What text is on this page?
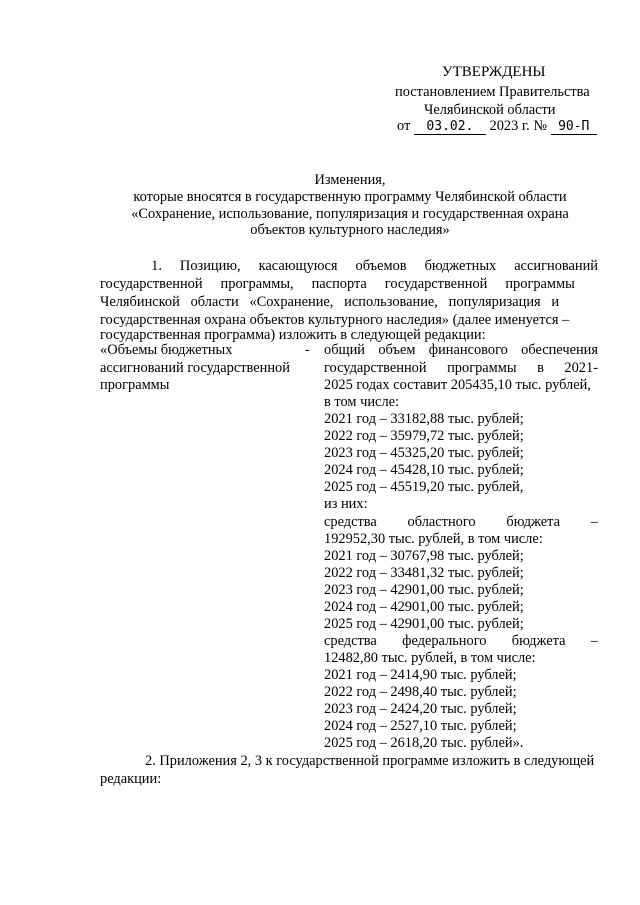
УТВЕРЖДЕНЫ
постановлением Правительства
Челябинской области
от 03.02. 2023 г. № 90-П
Изменения,
которые вносятся в государственную программу Челябинской области
«Сохранение, использование, популяризация и государственная охрана
объектов культурного наследия»
1.     Позицию,     касающуюся     объемов     бюджетных     ассигнований
государственной     программы,     паспорта     государственной     программы
Челябинской   области   «Сохранение,   использование,   популяризация   и
государственная охрана объектов культурного наследия» (далее именуется –
государственная программа) изложить в следующей редакции:
«Объемы бюджетных
ассигнований государственной
программы
- общий объем финансового обеспечения
государственной программы в 2021-
2025 годах составит 205435,10 тыс. рублей,
в том числе:
2021 год – 33182,88 тыс. рублей;
2022 год – 35979,72 тыс. рублей;
2023 год – 45325,20 тыс. рублей;
2024 год – 45428,10 тыс. рублей;
2025 год – 45519,20 тыс. рублей,
из них:
средства областного бюджета –
192952,30 тыс. рублей, в том числе:
2021 год – 30767,98 тыс. рублей;
2022 год – 33481,32 тыс. рублей;
2023 год – 42901,00 тыс. рублей;
2024 год – 42901,00 тыс. рублей;
2025 год – 42901,00 тыс. рублей;
средства федерального бюджета –
12482,80 тыс. рублей, в том числе:
2021 год – 2414,90 тыс. рублей;
2022 год – 2498,40 тыс. рублей;
2023 год – 2424,20 тыс. рублей;
2024 год – 2527,10 тыс. рублей;
2025 год – 2618,20 тыс. рублей».
2. Приложения 2, 3 к государственной программе изложить в следующей
редакции:
